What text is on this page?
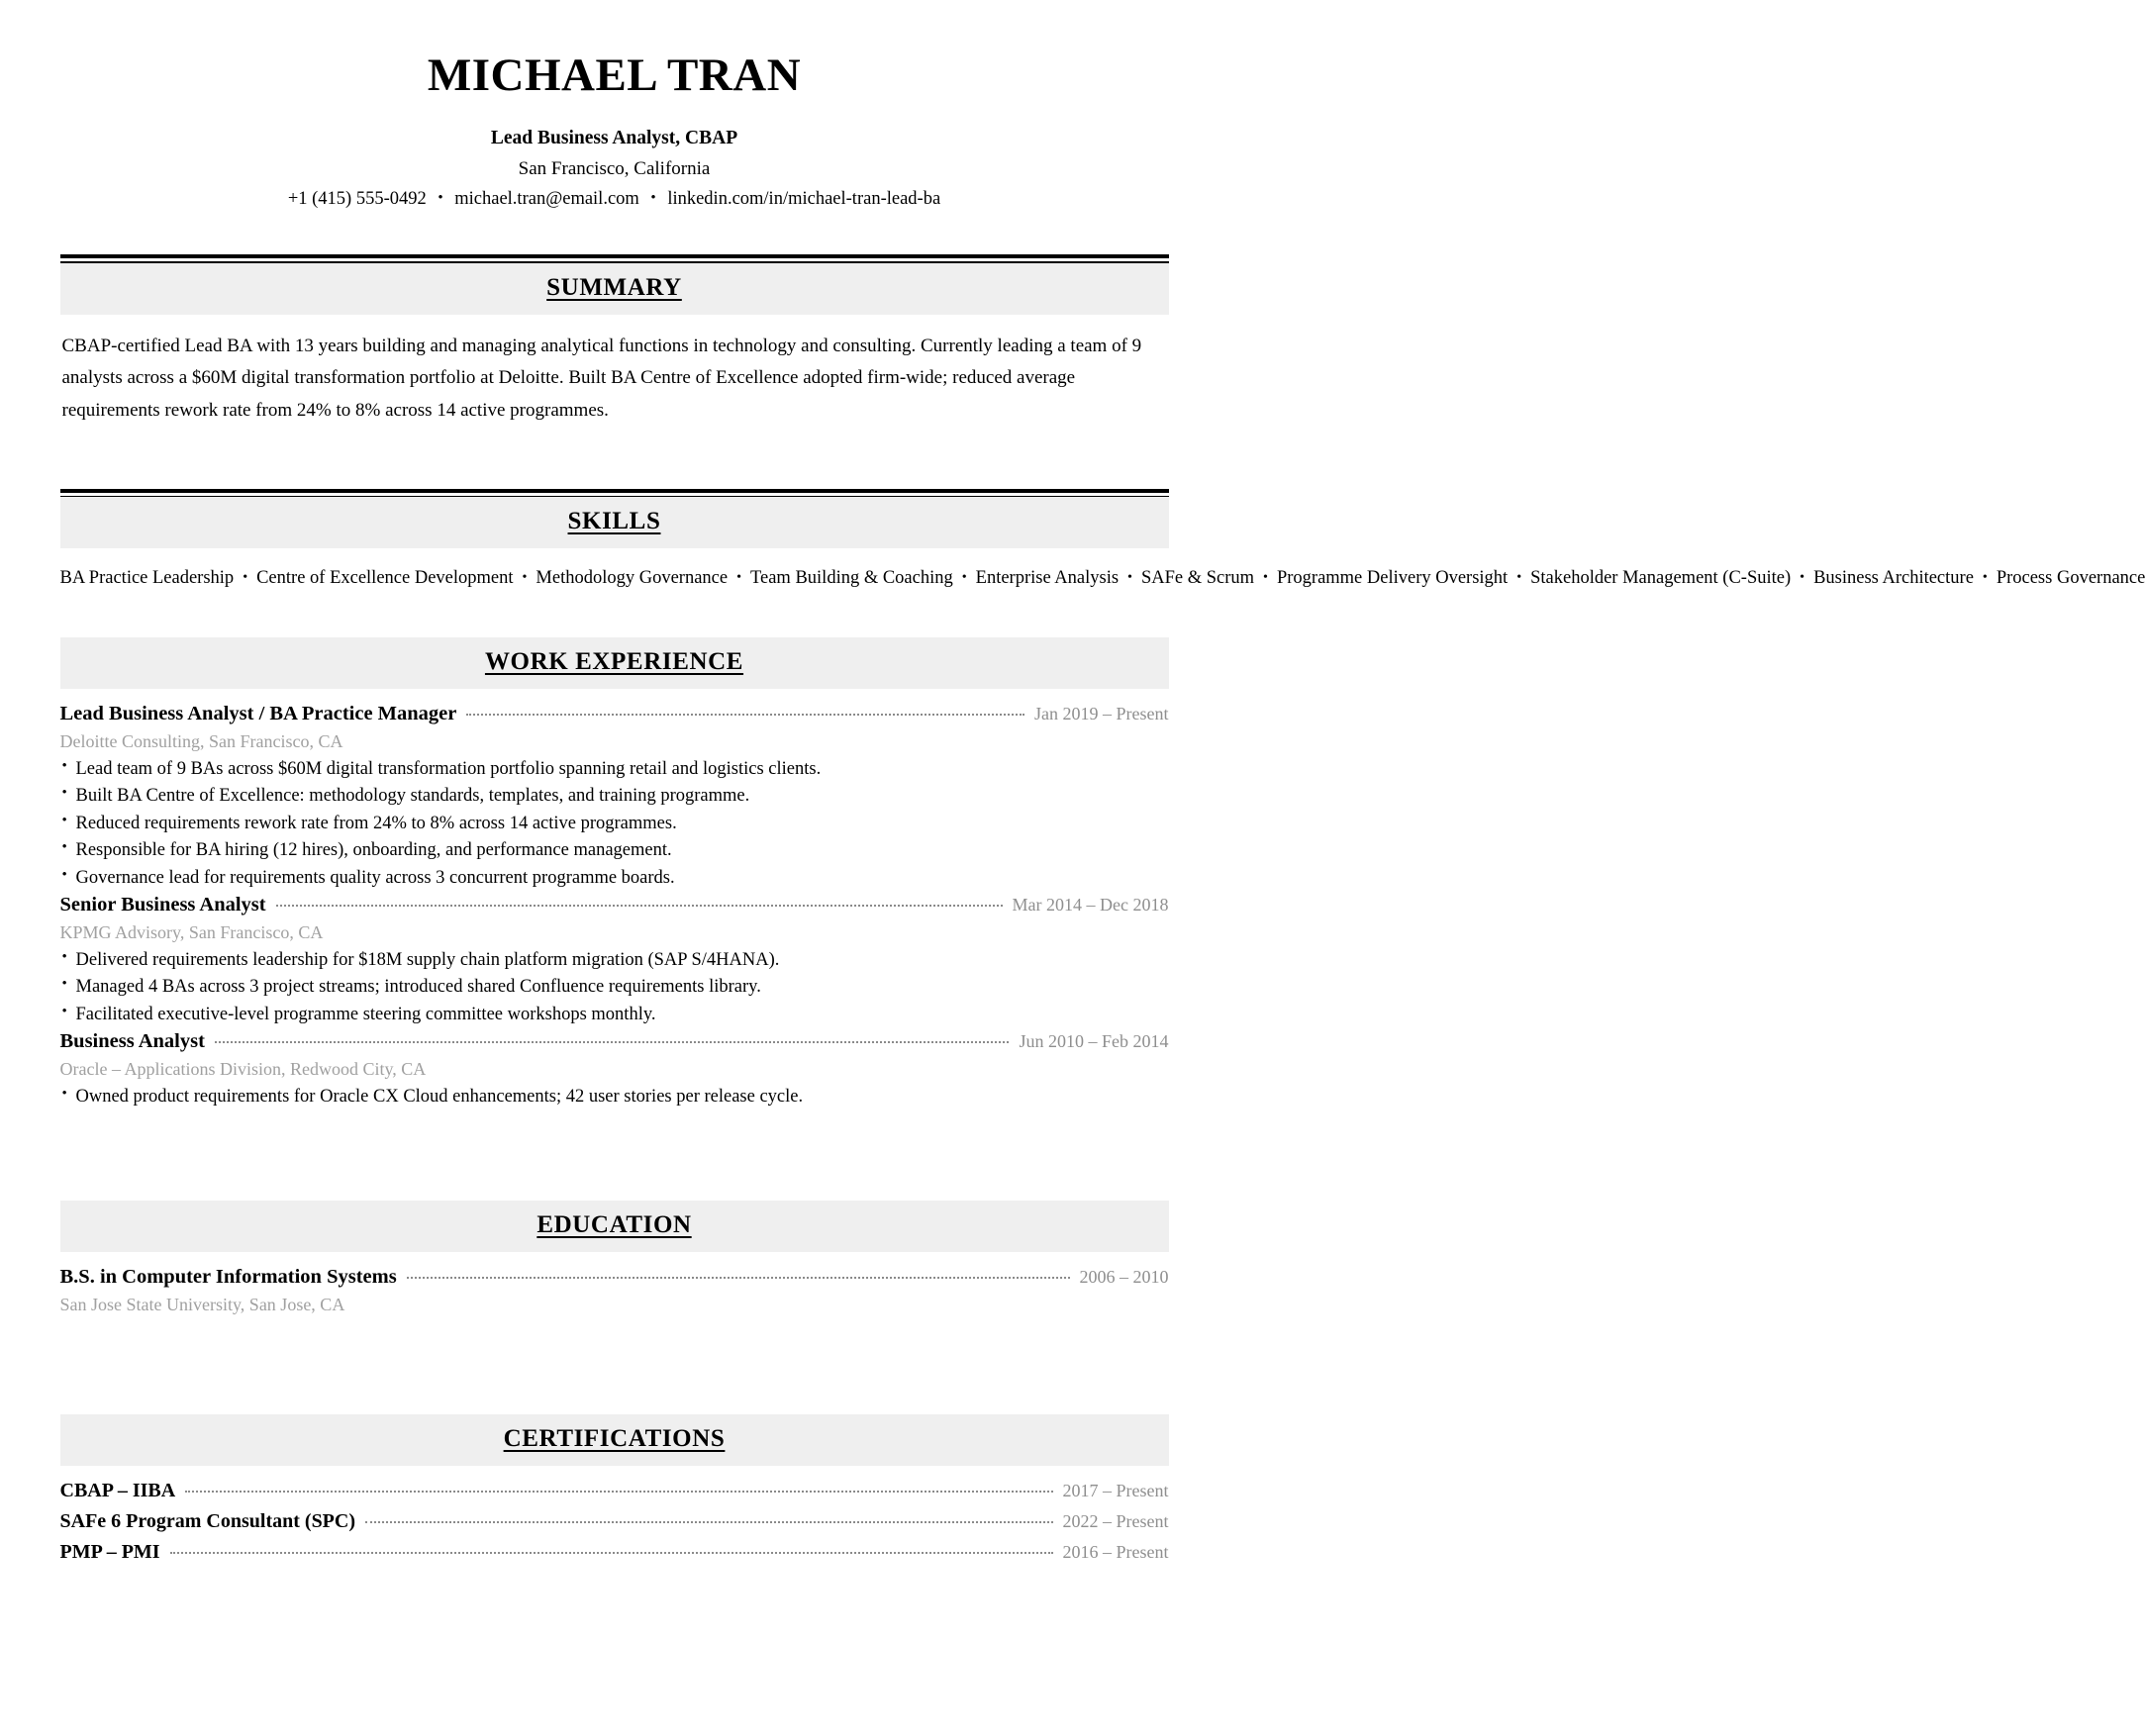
MICHAEL TRAN
Lead Business Analyst, CBAP
San Francisco, California
+1 (415) 555-0492 • michael.tran@email.com • linkedin.com/in/michael-tran-lead-ba
SUMMARY

CBAP-certified Lead BA with 13 years building and managing analytical functions in technology and consulting. Currently leading a team of 9 analysts across a $60M digital transformation portfolio at Deloitte. Built BA Centre of Excellence adopted firm-wide; reduced average requirements rework rate from 24% to 8% across 14 active programmes.

SKILLS
BA Practice Leadership • Centre of Excellence Development • Methodology Governance • Team Building & Coaching • Enterprise Analysis • SAFe & Scrum • Programme Delivery Oversight • Stakeholder Management (C-Suite) • Business Architecture • Process Governance
WORK EXPERIENCE
Lead Business Analyst / BA Practice Manager	Jan 2019 – Present
Deloitte Consulting, San Francisco, CA
• Lead team of 9 BAs across $60M digital transformation portfolio spanning retail and logistics clients.
• Built BA Centre of Excellence: methodology standards, templates, and training programme.
• Reduced requirements rework rate from 24% to 8% across 14 active programmes.
• Responsible for BA hiring (12 hires), onboarding, and performance management.
• Governance lead for requirements quality across 3 concurrent programme boards.
Senior Business Analyst	Mar 2014 – Dec 2018
KPMG Advisory, San Francisco, CA
• Delivered requirements leadership for $18M supply chain platform migration (SAP S/4HANA).
• Managed 4 BAs across 3 project streams; introduced shared Confluence requirements library.
• Facilitated executive-level programme steering committee workshops monthly.
Business Analyst	Jun 2010 – Feb 2014
Oracle – Applications Division, Redwood City, CA
• Owned product requirements for Oracle CX Cloud enhancements; 42 user stories per release cycle.
EDUCATION
B.S. in Computer Information Systems	2006 – 2010
San Jose State University, San Jose, CA
CERTIFICATIONS
CBAP – IIBA	2017 – Present
SAFe 6 Program Consultant (SPC)	2022 – Present
PMP – PMI	2016 – Present
